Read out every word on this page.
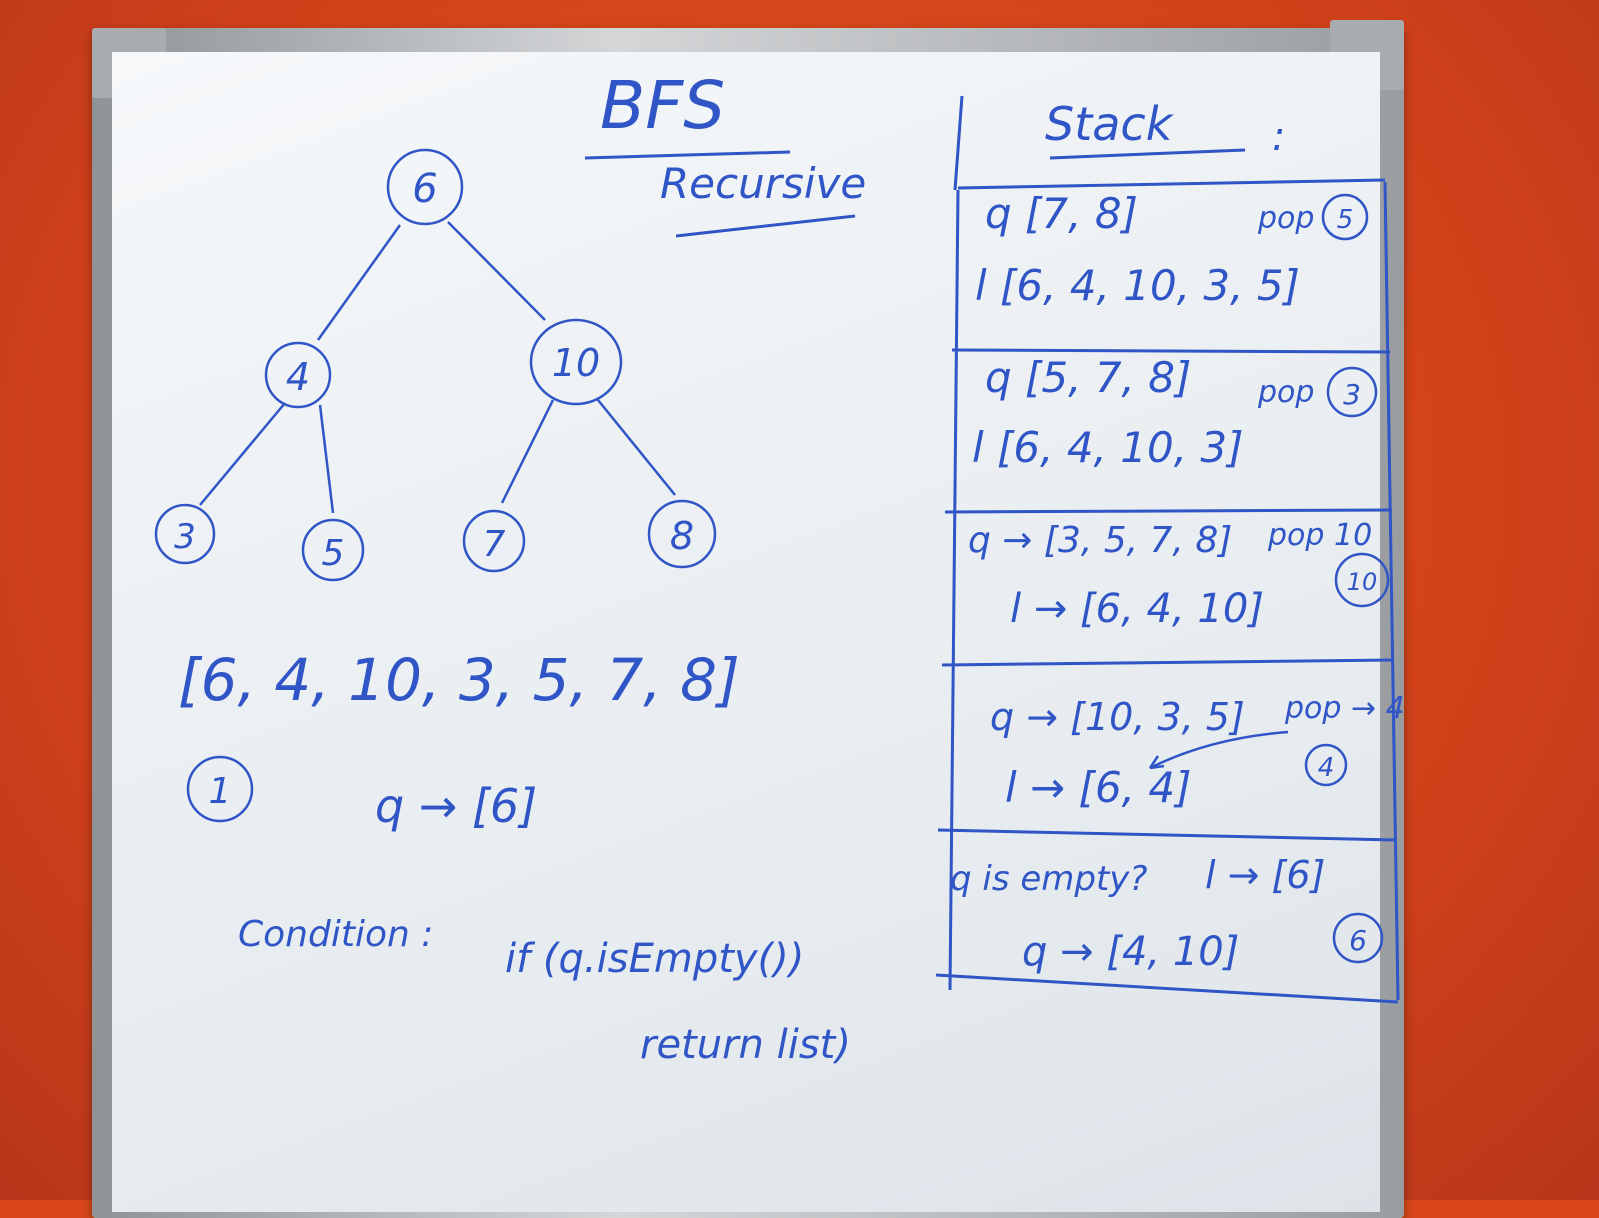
BFS
Recursive
6
4	10
3	5	7	8
[6, 4, 10, 3, 5, 7, 8]
1	q → [6]
Condition :
if (q.isEmpty())
return list)
Stack :
q [7, 8]
l [6, 4, 10, 3, 5]
pop 5
q [5, 7, 8]
l [6, 4, 10, 3]
pop 3
q → [3, 5, 7, 8]
l → [6, 4, 10]
pop 10
10
q → [10, 3, 5]
l → [6, 4]
pop → 4
4
q is empty? l → [6]
q → [4, 10]	6
